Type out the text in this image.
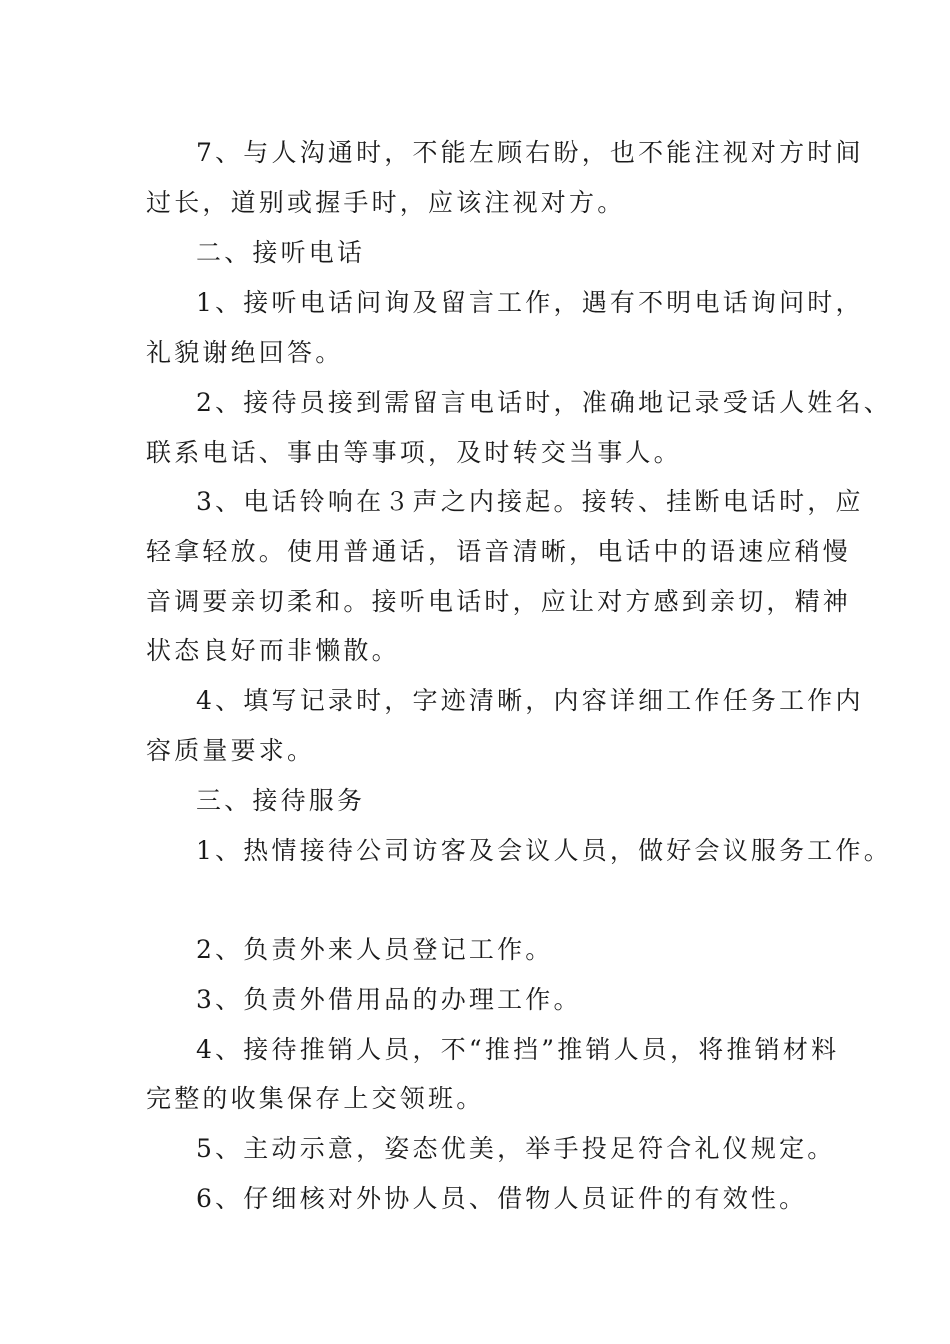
7、与人沟通时，不能左顾右盼，也不能注视对方时间
过长，道别或握手时，应该注视对方。
二、接听电话
1、接听电话问询及留言工作，遇有不明电话询问时，
礼貌谢绝回答。
2、接待员接到需留言电话时，准确地记录受话人姓名、
联系电话、事由等事项，及时转交当事人。
3、电话铃响在３声之内接起。接转、挂断电话时，应
轻拿轻放。使用普通话，语音清晰，电话中的语速应稍慢
音调要亲切柔和。接听电话时，应让对方感到亲切，精神
状态良好而非懒散。
4、填写记录时，字迹清晰，内容详细工作任务工作内
容质量要求。
三、接待服务
1、热情接待公司访客及会议人员，做好会议服务工作。
2、负责外来人员登记工作。
3、负责外借用品的办理工作。
4、接待推销人员，不“推挡”推销人员，将推销材料
完整的收集保存上交领班。
5、主动示意，姿态优美，举手投足符合礼仪规定。
6、仔细核对外协人员、借物人员证件的有效性。
